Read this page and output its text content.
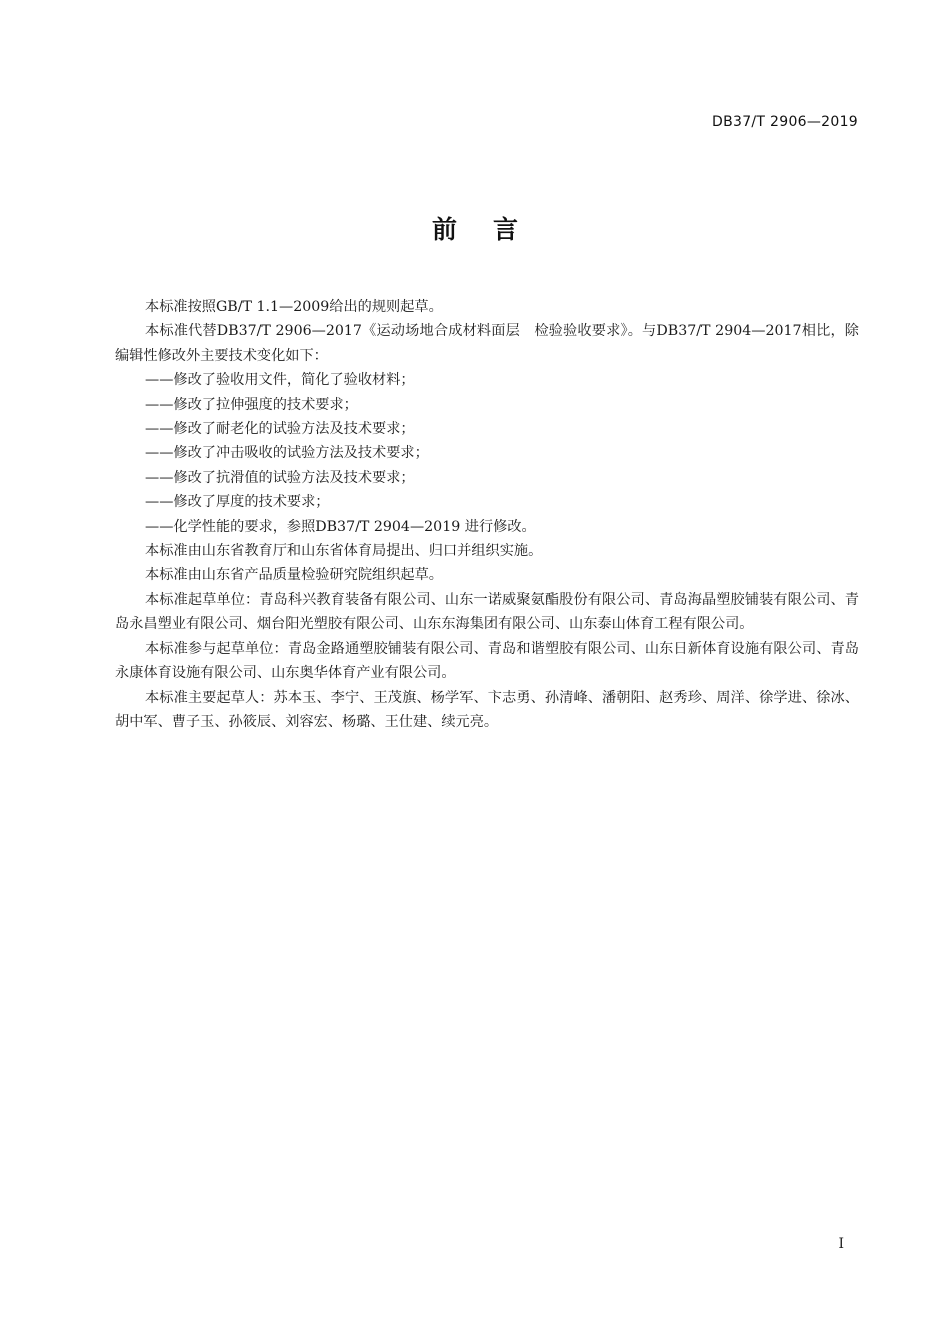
DB37/T 2906—2019
前言

本标准按照GB/T 1.1—2009给出的规则起草。

本标准代替DB37/T 2906—2017《运动场地合成材料面层　检验验收要求》。与DB37/T 2904—2017相比，除编辑性修改外主要技术变化如下：

——修改了验收用文件，简化了验收材料；

——修改了拉伸强度的技术要求；

——修改了耐老化的试验方法及技术要求；

——修改了冲击吸收的试验方法及技术要求；

——修改了抗滑值的试验方法及技术要求；

——修改了厚度的技术要求；

——化学性能的要求，参照DB37/T 2904—2019 进行修改。

本标准由山东省教育厅和山东省体育局提出、归口并组织实施。

本标准由山东省产品质量检验研究院组织起草。

本标准起草单位：青岛科兴教育装备有限公司、山东一诺威聚氨酯股份有限公司、青岛海晶塑胶铺装有限公司、青岛永昌塑业有限公司、烟台阳光塑胶有限公司、山东东海集团有限公司、山东泰山体育工程有限公司。

本标准参与起草单位：青岛金路通塑胶铺装有限公司、青岛和谐塑胶有限公司、山东日新体育设施有限公司、青岛永康体育设施有限公司、山东奥华体育产业有限公司。

本标准主要起草人：苏本玉、李宁、王茂旗、杨学军、卞志勇、孙清峰、潘朝阳、赵秀珍、周洋、徐学进、徐冰、胡中军、曹子玉、孙筱辰、刘容宏、杨璐、王仕建、续元亮。

I
